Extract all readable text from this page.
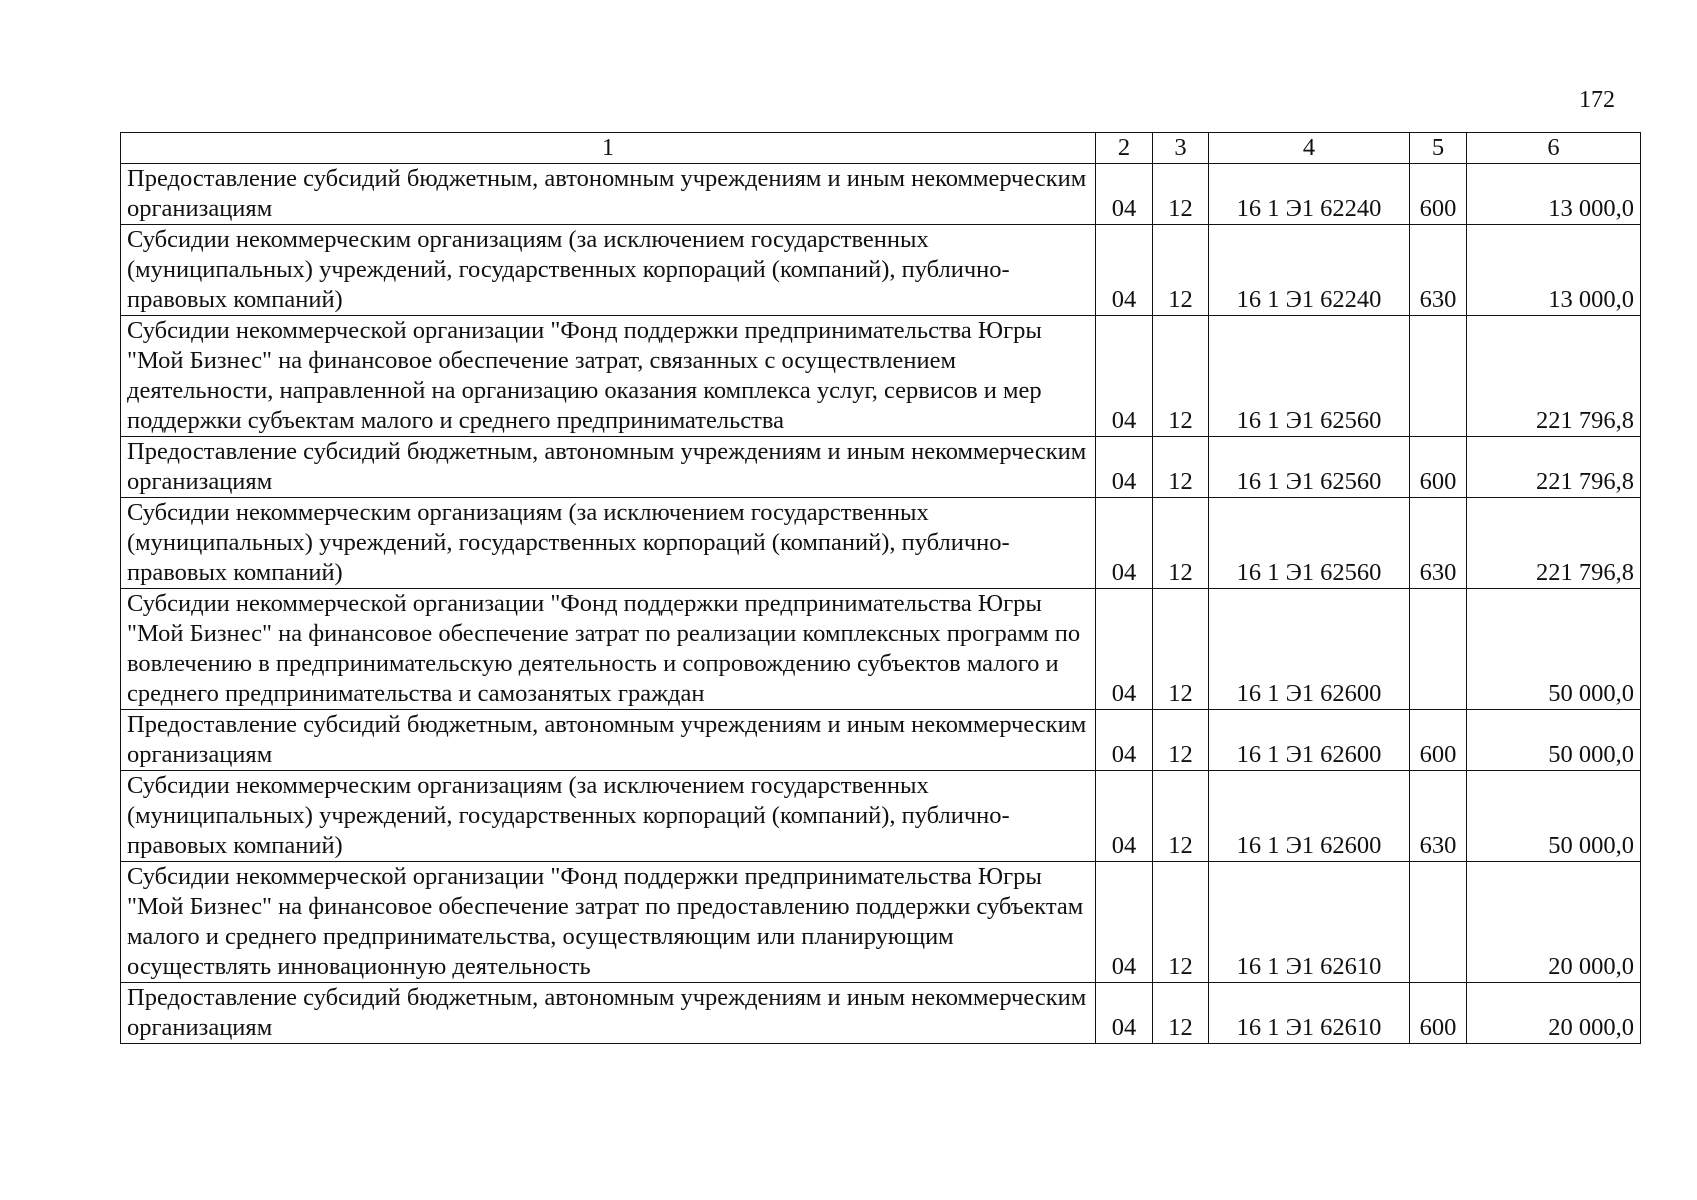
172
1	2	3	4	5	6
Предоставление субсидий бюджетным, автономным учреждениям и иным некоммерческим организациям	04	12	16 1 Э1 62240	600	13 000,0
Субсидии некоммерческим организациям (за исключением государственных (муниципальных) учреждений, государственных корпораций (компаний), публично-правовых компаний)	04	12	16 1 Э1 62240	630	13 000,0
Субсидии некоммерческой организации "Фонд поддержки предпринимательства Югры "Мой Бизнес" на финансовое обеспечение затрат, связанных с осуществлением деятельности, направленной на организацию оказания комплекса услуг, сервисов и мер поддержки субъектам малого и среднего предпринимательства	04	12	16 1 Э1 62560		221 796,8
Предоставление субсидий бюджетным, автономным учреждениям и иным некоммерческим организациям	04	12	16 1 Э1 62560	600	221 796,8
Субсидии некоммерческим организациям (за исключением государственных (муниципальных) учреждений, государственных корпораций (компаний), публично-правовых компаний)	04	12	16 1 Э1 62560	630	221 796,8
Субсидии некоммерческой организации "Фонд поддержки предпринимательства Югры "Мой Бизнес" на финансовое обеспечение затрат по реализации комплексных программ по вовлечению в предпринимательскую деятельность и сопровождению субъектов малого и среднего предпринимательства и самозанятых граждан	04	12	16 1 Э1 62600		50 000,0
Предоставление субсидий бюджетным, автономным учреждениям и иным некоммерческим организациям	04	12	16 1 Э1 62600	600	50 000,0
Субсидии некоммерческим организациям (за исключением государственных (муниципальных) учреждений, государственных корпораций (компаний), публично-правовых компаний)	04	12	16 1 Э1 62600	630	50 000,0
Субсидии некоммерческой организации "Фонд поддержки предпринимательства Югры "Мой Бизнес" на финансовое обеспечение затрат по предоставлению поддержки субъектам малого и среднего предпринимательства, осуществляющим или планирующим осуществлять инновационную деятельность	04	12	16 1 Э1 62610		20 000,0
Предоставление субсидий бюджетным, автономным учреждениям и иным некоммерческим организациям	04	12	16 1 Э1 62610	600	20 000,0
